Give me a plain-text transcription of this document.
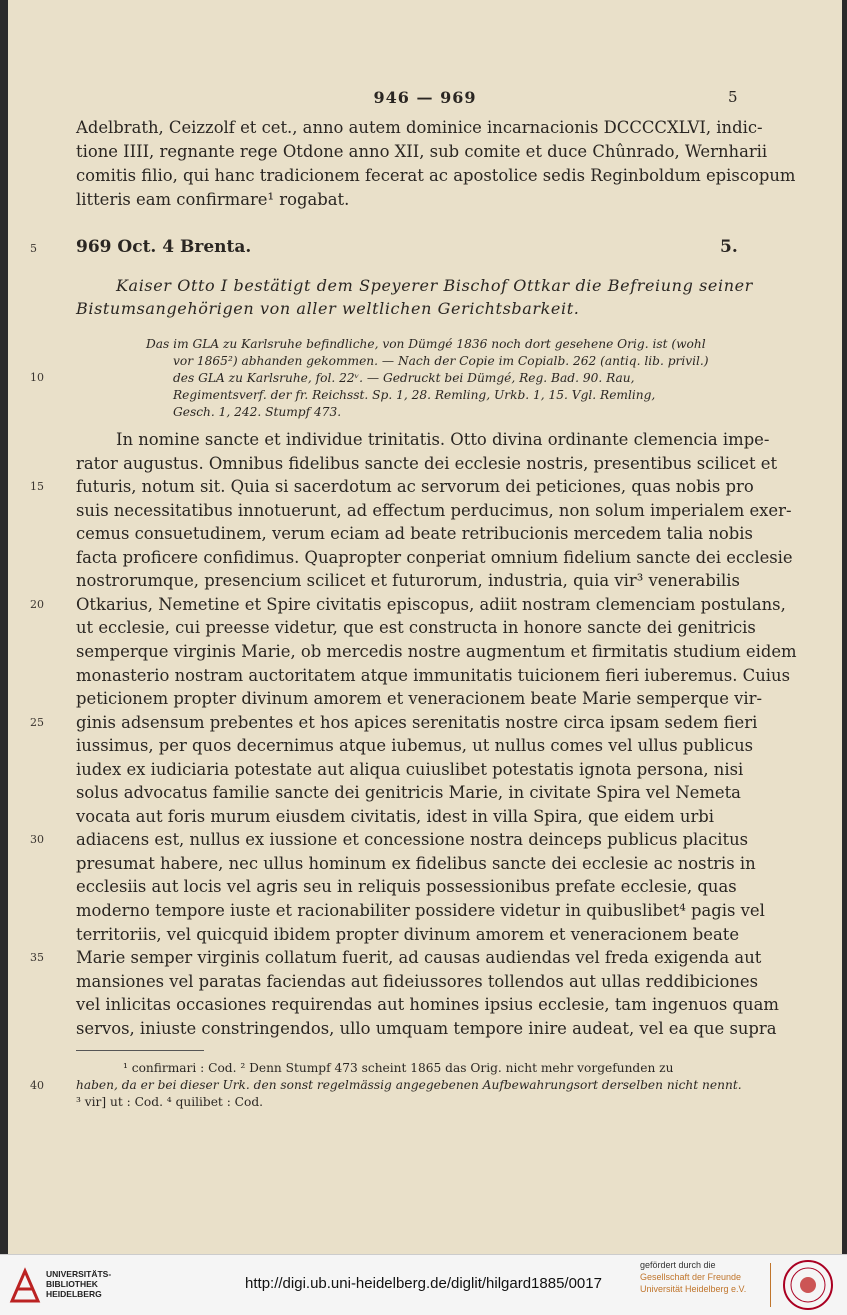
946 — 969	5
Adelbrath, Ceizzolf et cet., anno autem dominice incarnacionis DCCCCXLVI, indic-
tione IIII, regnante rege Otdone anno XII, sub comite et duce Chûnrado, Wernharii
comitis filio, qui hanc tradicionem fecerat ac apostolice sedis Reginboldum episcopum
litteris eam confirmare¹ rogabat.
5 969 Oct. 4 Brenta.	5.
Kaiser Otto I bestätigt dem Speyerer Bischof Ottkar die Befreiung seiner
Bistumsangehörigen von aller weltlichen Gerichtsbarkeit.
Das im GLA zu Karlsruhe befindliche, von Dümgé 1836 noch dort gesehene Orig. ist (wohl
vor 1865²) abhanden gekommen. — Nach der Copie im Copialb. 262 (antiq. lib. privil.)
10	des GLA zu Karlsruhe, fol. 22ᵛ. — Gedruckt bei Dümgé, Reg. Bad. 90. Rau,
Regimentsverf. der fr. Reichsst. Sp. 1, 28. Remling, Urkb. 1, 15. Vgl. Remling,
Gesch. 1, 242. Stumpf 473.
In nomine sancte et individue trinitatis. Otto divina ordinante clemencia impe-
rator augustus. Omnibus fidelibus sancte dei ecclesie nostris, presentibus scilicet et
futuris, notum sit. Quia si sacerdotum ac servorum dei peticiones, quas nobis pro
15
suis necessitatibus innotuerunt, ad effectum perducimus, non solum imperialem exer-
cemus consuetudinem, verum eciam ad beate retribucionis mercedem talia nobis
facta proficere confidimus. Quapropter conperiat omnium fidelium sancte dei ecclesie
nostrorumque, presencium scilicet et futurorum, industria, quia vir³ venerabilis
Otkarius, Nemetine et Spire civitatis episcopus, adiit nostram clemenciam postulans,
20
ut ecclesie, cui preesse videtur, que est constructa in honore sancte dei genitricis
semperque virginis Marie, ob mercedis nostre augmentum et firmitatis studium eidem
monasterio nostram auctoritatem atque immunitatis tuicionem fieri iuberemus. Cuius
peticionem propter divinum amorem et veneracionem beate Marie semperque vir-
ginis adsensum prebentes et hos apices serenitatis nostre circa ipsam sedem fieri
25
iussimus, per quos decernimus atque iubemus, ut nullus comes vel ullus publicus
iudex ex iudiciaria potestate aut aliqua cuiuslibet potestatis ignota persona, nisi
solus advocatus familie sancte dei genitricis Marie, in civitate Spira vel Nemeta
vocata aut foris murum eiusdem civitatis, idest in villa Spira, que eidem urbi
adiacens est, nullus ex iussione et concessione nostra deinceps publicus placitus
30
presumat habere, nec ullus hominum ex fidelibus sancte dei ecclesie ac nostris in
ecclesiis aut locis vel agris seu in reliquis possessionibus prefate ecclesie, quas
moderno tempore iuste et racionabiliter possidere videtur in quibuslibet⁴ pagis vel
territoriis, vel quicquid ibidem propter divinum amorem et veneracionem beate
Marie semper virginis collatum fuerit, ad causas audiendas vel freda exigenda aut
35
mansiones vel paratas faciendas aut fideiussores tollendos aut ullas reddibiciones
vel inlicitas occasiones requirendas aut homines ipsius ecclesie, tam ingenuos quam
servos, iniuste constringendos, ullo umquam tempore inire audeat, vel ea que supra
¹ confirmari : Cod. ² Denn Stumpf 473 scheint 1865 das Orig. nicht mehr vorgefunden zu
40	haben, da er bei dieser Urk. den sonst regelmässig angegebenen Aufbewahrungsort derselben nicht nennt.
³ vir] ut : Cod. ⁴ quilibet : Cod.
UNIVERSITÄTS-
BIBLIOTHEK
HEIDELBERG
http://digi.ub.uni-heidelberg.de/diglit/hilgard1885/0017
gefördert durch die
Gesellschaft der Freunde
Universität Heidelberg e.V.
